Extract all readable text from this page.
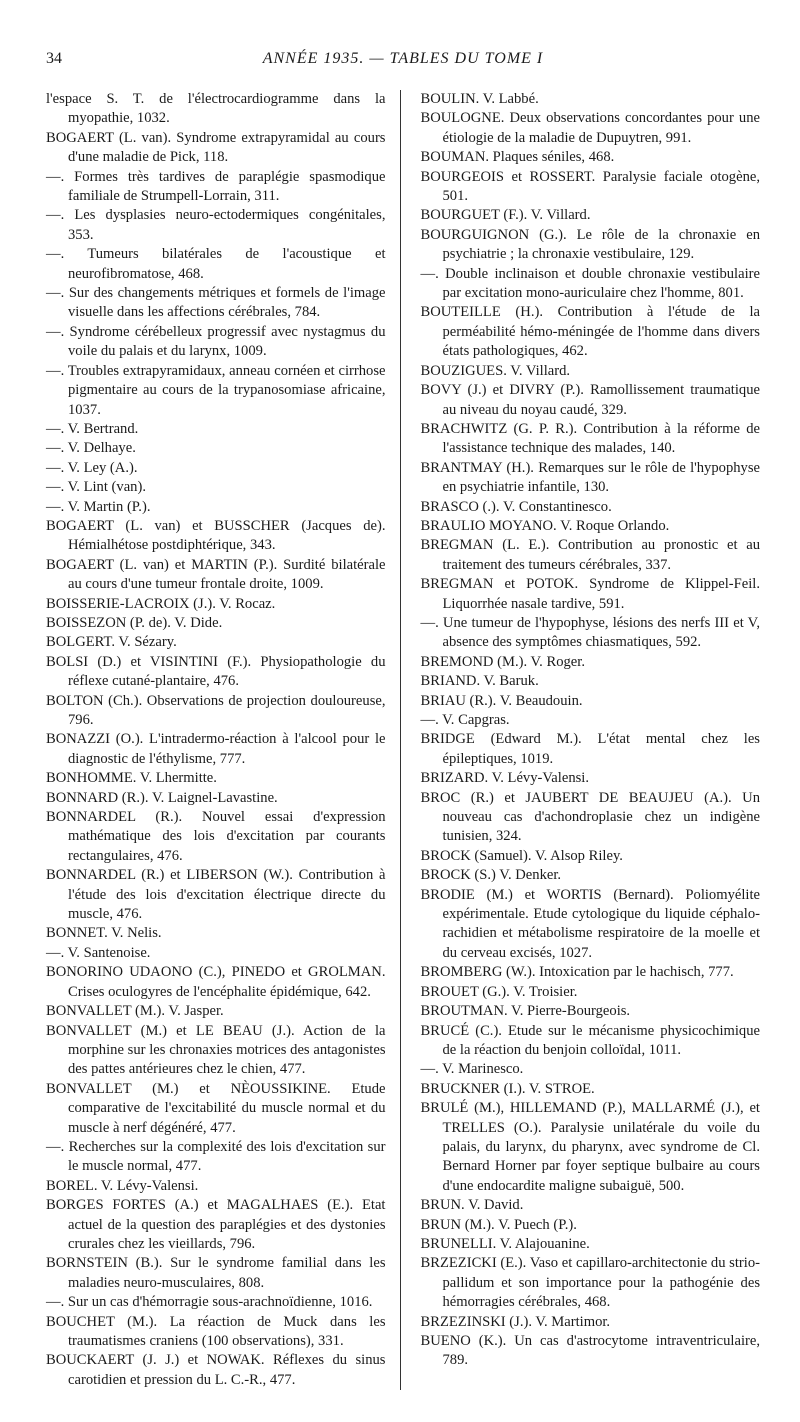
34	ANNÉE 1935. — TABLES DU TOME I

l'espace S. T. de l'électrocardiogramme dans la myopathie, 1032.

BOGAERT (L. van). Syndrome extrapyramidal au cours d'une maladie de Pick, 118.

—. Formes très tardives de paraplégie spasmodique familiale de Strumpell-Lorrain, 311.

—. Les dysplasies neuro-ectodermiques congénitales, 353.

—. Tumeurs bilatérales de l'acoustique et neurofibromatose, 468.

—. Sur des changements métriques et formels de l'image visuelle dans les affections cérébrales, 784.

—. Syndrome cérébelleux progressif avec nystagmus du voile du palais et du larynx, 1009.

—. Troubles extrapyramidaux, anneau cornéen et cirrhose pigmentaire au cours de la trypanosomiase africaine, 1037.

—. V. Bertrand.

—. V. Delhaye.

—. V. Ley (A.).

—. V. Lint (van).

—. V. Martin (P.).

BOGAERT (L. van) et BUSSCHER (Jacques de). Hémialhétose postdiphtérique, 343.

BOGAERT (L. van) et MARTIN (P.). Surdité bilatérale au cours d'une tumeur frontale droite, 1009.

BOISSERIE-LACROIX (J.). V. Rocaz.

BOISSEZON (P. de). V. Dide.

BOLGERT. V. Sézary.

BOLSI (D.) et VISINTINI (F.). Physiopathologie du réflexe cutané-plantaire, 476.

BOLTON (Ch.). Observations de projection douloureuse, 796.

BONAZZI (O.). L'intradermo-réaction à l'alcool pour le diagnostic de l'éthylisme, 777.

BONHOMME. V. Lhermitte.

BONNARD (R.). V. Laignel-Lavastine.

BONNARDEL (R.). Nouvel essai d'expression mathématique des lois d'excitation par courants rectangulaires, 476.

BONNARDEL (R.) et LIBERSON (W.). Contribution à l'étude des lois d'excitation électrique directe du muscle, 476.

BONNET. V. Nelis.

—. V. Santenoise.

BONORINO UDAONO (C.), PINEDO et GROLMAN. Crises oculogyres de l'encéphalite épidémique, 642.

BONVALLET (M.). V. Jasper.

BONVALLET (M.) et LE BEAU (J.). Action de la morphine sur les chronaxies motrices des antagonistes des pattes antérieures chez le chien, 477.

BONVALLET (M.) et NÈOUSSIKINE. Etude comparative de l'excitabilité du muscle normal et du muscle à nerf dégénéré, 477.

—. Recherches sur la complexité des lois d'excitation sur le muscle normal, 477.

BOREL. V. Lévy-Valensi.

BORGES FORTES (A.) et MAGALHAES (E.). Etat actuel de la question des paraplégies et des dystonies crurales chez les vieillards, 796.

BORNSTEIN (B.). Sur le syndrome familial dans les maladies neuro-musculaires, 808.

—. Sur un cas d'hémorragie sous-arachnoïdienne, 1016.

BOUCHET (M.). La réaction de Muck dans les traumatismes craniens (100 observations), 331.

BOUCKAERT (J. J.) et NOWAK. Réflexes du sinus carotidien et pression du L. C.-R., 477.

BOULIN. V. Labbé.

BOULOGNE. Deux observations concordantes pour une étiologie de la maladie de Dupuytren, 991.

BOUMAN. Plaques séniles, 468.

BOURGEOIS et ROSSERT. Paralysie faciale otogène, 501.

BOURGUET (F.). V. Villard.

BOURGUIGNON (G.). Le rôle de la chronaxie en psychiatrie ; la chronaxie vestibulaire, 129.

—. Double inclinaison et double chronaxie vestibulaire par excitation mono-auriculaire chez l'homme, 801.

BOUTEILLE (H.). Contribution à l'étude de la perméabilité hémo-méningée de l'homme dans divers états pathologiques, 462.

BOUZIGUES. V. Villard.

BOVY (J.) et DIVRY (P.). Ramollissement traumatique au niveau du noyau caudé, 329.

BRACHWITZ (G. P. R.). Contribution à la réforme de l'assistance technique des malades, 140.

BRANTMAY (H.). Remarques sur le rôle de l'hypophyse en psychiatrie infantile, 130.

BRASCO (.). V. Constantinesco.

BRAULIO MOYANO. V. Roque Orlando.

BREGMAN (L. E.). Contribution au pronostic et au traitement des tumeurs cérébrales, 337.

BREGMAN et POTOK. Syndrome de Klippel-Feil. Liquorrhée nasale tardive, 591.

—. Une tumeur de l'hypophyse, lésions des nerfs III et V, absence des symptômes chiasmatiques, 592.

BREMOND (M.). V. Roger.

BRIAND. V. Baruk.

BRIAU (R.). V. Beaudouin.

—. V. Capgras.

BRIDGE (Edward M.). L'état mental chez les épileptiques, 1019.

BRIZARD. V. Lévy-Valensi.

BROC (R.) et JAUBERT DE BEAUJEU (A.). Un nouveau cas d'achondroplasie chez un indigène tunisien, 324.

BROCK (Samuel). V. Alsop Riley.

BROCK (S.) V. Denker.

BRODIE (M.) et WORTIS (Bernard). Poliomyélite expérimentale. Etude cytologique du liquide céphalo-rachidien et métabolisme respiratoire de la moelle et du cerveau excisés, 1027.

BROMBERG (W.). Intoxication par le hachisch, 777.

BROUET (G.). V. Troisier.

BROUTMAN. V. Pierre-Bourgeois.

BRUCÉ (C.). Etude sur le mécanisme physicochimique de la réaction du benjoin colloïdal, 1011.

—. V. Marinesco.

BRUCKNER (I.). V. STROE.

BRULÉ (M.), HILLEMAND (P.), MALLARMÉ (J.), et TRELLES (O.). Paralysie unilatérale du voile du palais, du larynx, du pharynx, avec syndrome de Cl. Bernard Horner par foyer septique bulbaire au cours d'une endocardite maligne subaiguë, 500.

BRUN. V. David.

BRUN (M.). V. Puech (P.).

BRUNELLI. V. Alajouanine.

BRZEZICKI (E.). Vaso et capillaro-architectonie du strio-pallidum et son importance pour la pathogénie des hémorragies cérébrales, 468.

BRZEZINSKI (J.). V. Martimor.

BUENO (K.). Un cas d'astrocytome intraventriculaire, 789.
